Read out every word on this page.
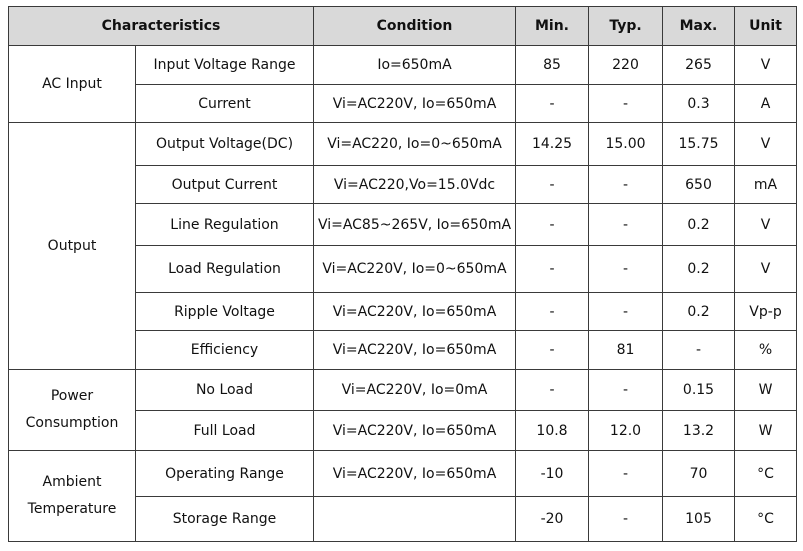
Characteristics		Condition	Min.	Typ.	Max.	Unit
AC Input	Input Voltage Range	Io=650mA	85	220	265	V
	Current	Vi=AC220V, Io=650mA	-	-	0.3	A
Output	Output Voltage(DC)	Vi=AC220, Io=0~650mA	14.25	15.00	15.75	V
	Output Current	Vi=AC220,Vo=15.0Vdc	-	-	650	mA
	Line Regulation	Vi=AC85~265V, Io=650mA	-	-	0.2	V
	Load Regulation	Vi=AC220V, Io=0~650mA	-	-	0.2	V
	Ripple Voltage	Vi=AC220V, Io=650mA	-	-	0.2	Vp-p
	Efficiency	Vi=AC220V, Io=650mA	-	81	-	%
Power
Consumption	No Load	Vi=AC220V, Io=0mA	-	-	0.15	W
	Full Load	Vi=AC220V, Io=650mA	10.8	12.0	13.2	W
Ambient
Temperature	Operating Range	Vi=AC220V, Io=650mA	-10	-	70	°C
	Storage Range		-20	-	105	°C
